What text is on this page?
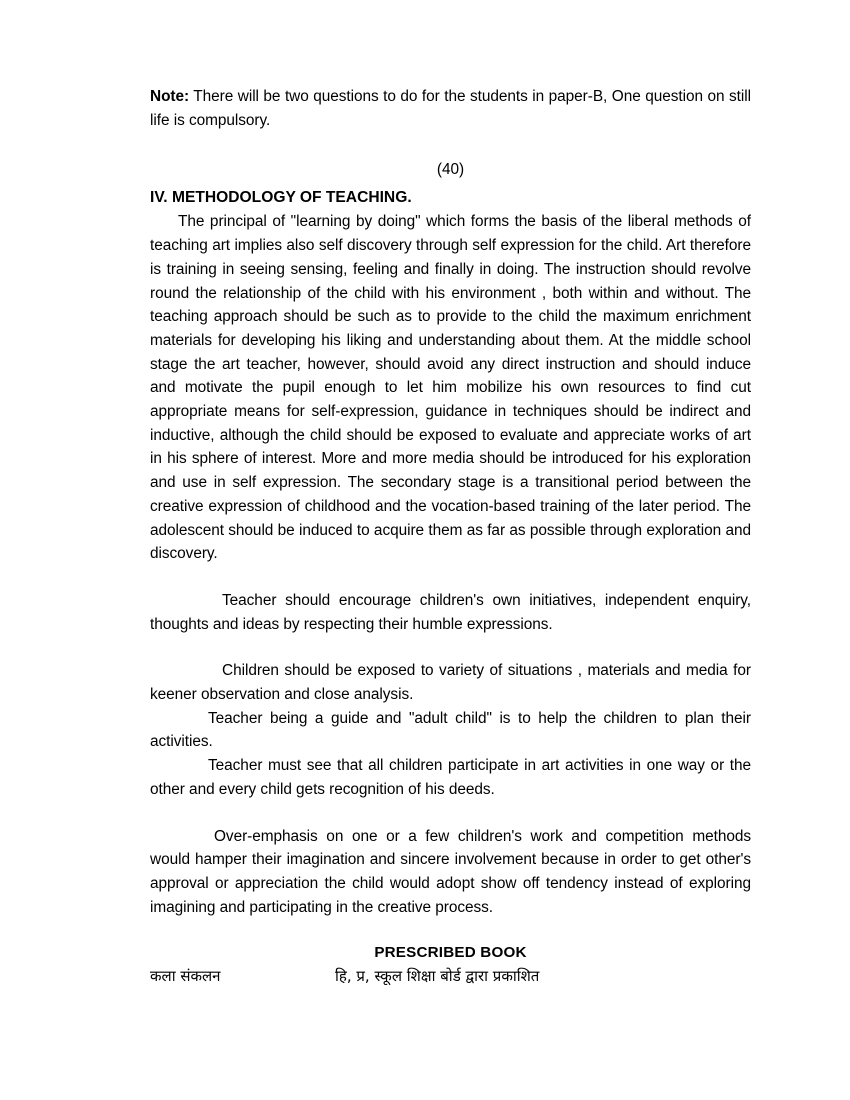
Note: There will be two questions to do for the students in paper-B, One question on still life is compulsory.

(40)

IV. METHODOLOGY OF TEACHING.

The principal of "learning by doing" which forms the basis of the liberal methods of teaching art implies also self discovery through self expression for the child. Art therefore is training in seeing sensing, feeling and finally in doing. The instruction should revolve round the relationship of the child with his environment , both within and without. The teaching approach should be such as to provide to the child the maximum enrichment materials for developing his liking and understanding about them. At the middle school stage the art teacher, however, should avoid any direct instruction and should induce and motivate the pupil enough to let him mobilize his own resources to find cut appropriate means for self-expression, guidance in techniques should be indirect and inductive, although the child should be exposed to evaluate and appreciate works of art in his sphere of interest. More and more media should be introduced for his exploration and use in self expression. The secondary stage is a transitional period between the creative expression of childhood and the vocation-based training of the later period. The adolescent should be induced to acquire them as far as possible through exploration and discovery.

Teacher should encourage children's own initiatives, independent enquiry, thoughts and ideas by respecting their humble expressions.

Children should be exposed to variety of situations , materials and media for keener observation and close analysis.

Teacher being a guide and "adult child" is to help the children to plan their activities.

Teacher must see that all children participate in art activities in one way or the other and every child gets recognition of his deeds.

Over-emphasis on one or a few children's work and competition methods would hamper their imagination and sincere involvement because in order to get other's approval or appreciation the child would adopt show off tendency instead of exploring imagining and participating in the creative process.

PRESCRIBED BOOK

कला संकलन	हि, प्र, स्कूल शिक्षा बोर्ड द्वारा प्रकाशित
